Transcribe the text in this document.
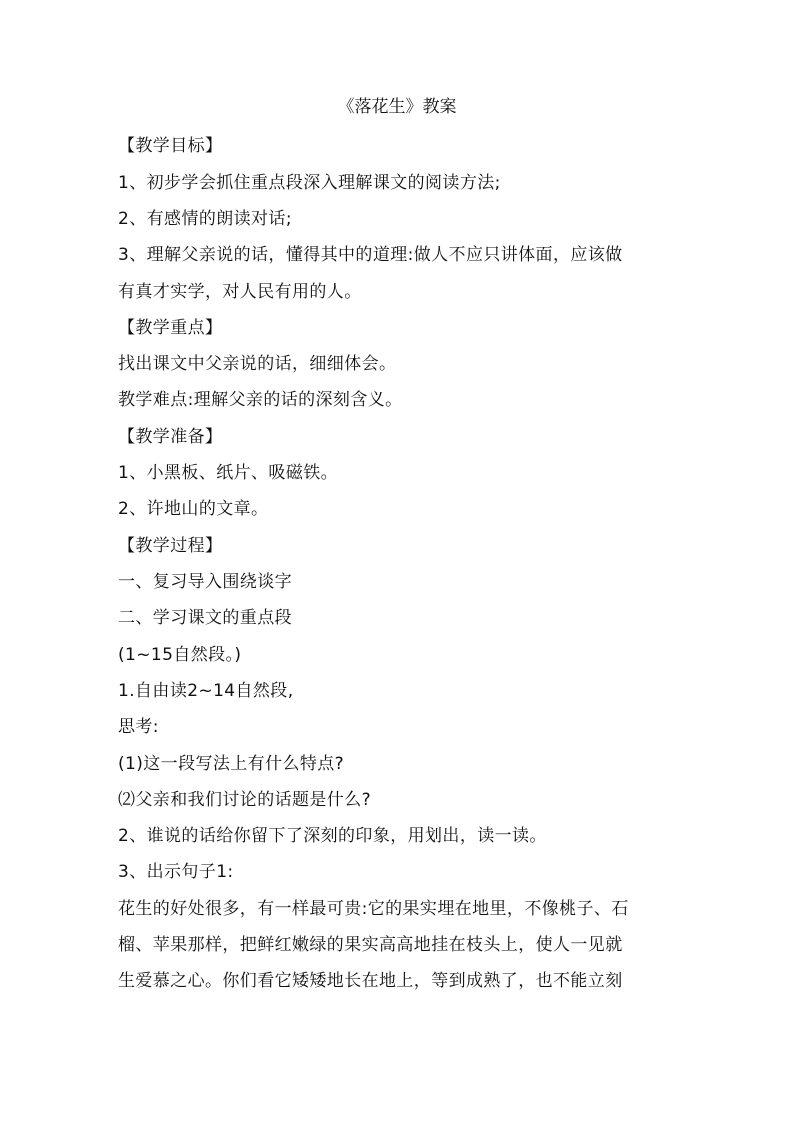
《落花生》教案
【教学目标】
1、初步学会抓住重点段深入理解课文的阅读方法;
2、有感情的朗读对话;
3、理解父亲说的话，懂得其中的道理:做人不应只讲体面，应该做
有真才实学，对人民有用的人。
【教学重点】
找出课文中父亲说的话，细细体会。
教学难点:理解父亲的话的深刻含义。
【教学准备】
1、小黑板、纸片、吸磁铁。
2、许地山的文章。
【教学过程】
一、复习导入围绕谈字
二、学习课文的重点段
(1~15自然段。)
1.自由读2~14自然段,
思考:
(1)这一段写法上有什么特点?
⑵父亲和我们讨论的话题是什么?
2、谁说的话给你留下了深刻的印象，用划出，读一读。
3、出示句子1:
花生的好处很多，有一样最可贵:它的果实埋在地里，不像桃子、石
榴、苹果那样，把鲜红嫩绿的果实高高地挂在枝头上，使人一见就
生爱慕之心。你们看它矮矮地长在地上，等到成熟了，也不能立刻
